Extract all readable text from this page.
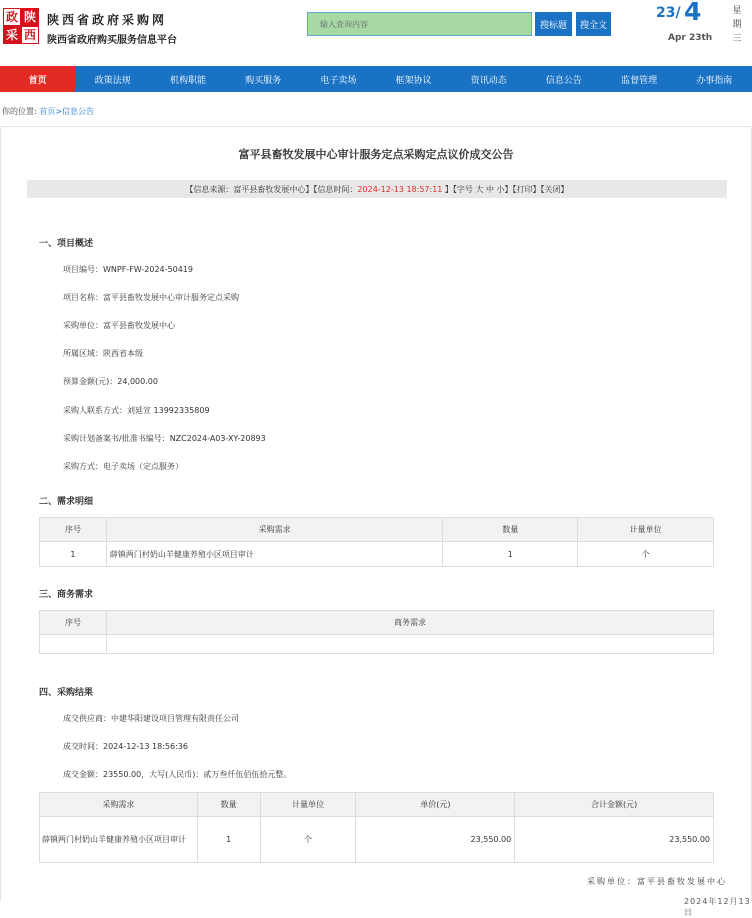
政 陕
采 西
陕西省政府采购网
陕西省政府购买服务信息平台
输入查询内容
搜标题	搜全文
23/ 4
Apr 23th
星期三
首页	政策法规	机构职能	购买服务	电子卖场	框架协议	资讯动态	信息公告	监督管理	办事指南
你的位置: 首页>信息公告
富平县畜牧发展中心审计服务定点采购定点议价成交公告
【信息来源：富平县畜牧发展中心】【信息时间： 2024-12-13 18:57:11 】【字号 大 中 小】【打印】【关闭】
一、项目概述
项目编号：WNPF-FW-2024-50419
项目名称：富平县畜牧发展中心审计服务定点采购
采购单位：富平县畜牧发展中心
所属区域：陕西省本级
预算金额(元)：24,000.00
采购人联系方式：刘延宣 13992335809
采购计划备案书/批准书编号：NZC2024-A03-XY-20893
采购方式：电子卖场（定点服务）
二、需求明细
序号	采购需求	数量	计量单位
1	薛镇两门村奶山羊健康养殖小区项目审计	1	个
三、商务需求
序号	商务需求

四、采购结果
成交供应商：中建华阳建设项目管理有限责任公司
成交时间：2024-12-13 18:56:36
成交金额：23550.00，大写(人民币)：贰万叁仟伍佰伍拾元整。
采购需求	数量	计量单位	单价(元)	合计金额(元)
薛镇两门村奶山羊健康养殖小区项目审计	1	个	23,550.00	23,550.00
采购单位：富平县畜牧发展中心
2024年12月13日
